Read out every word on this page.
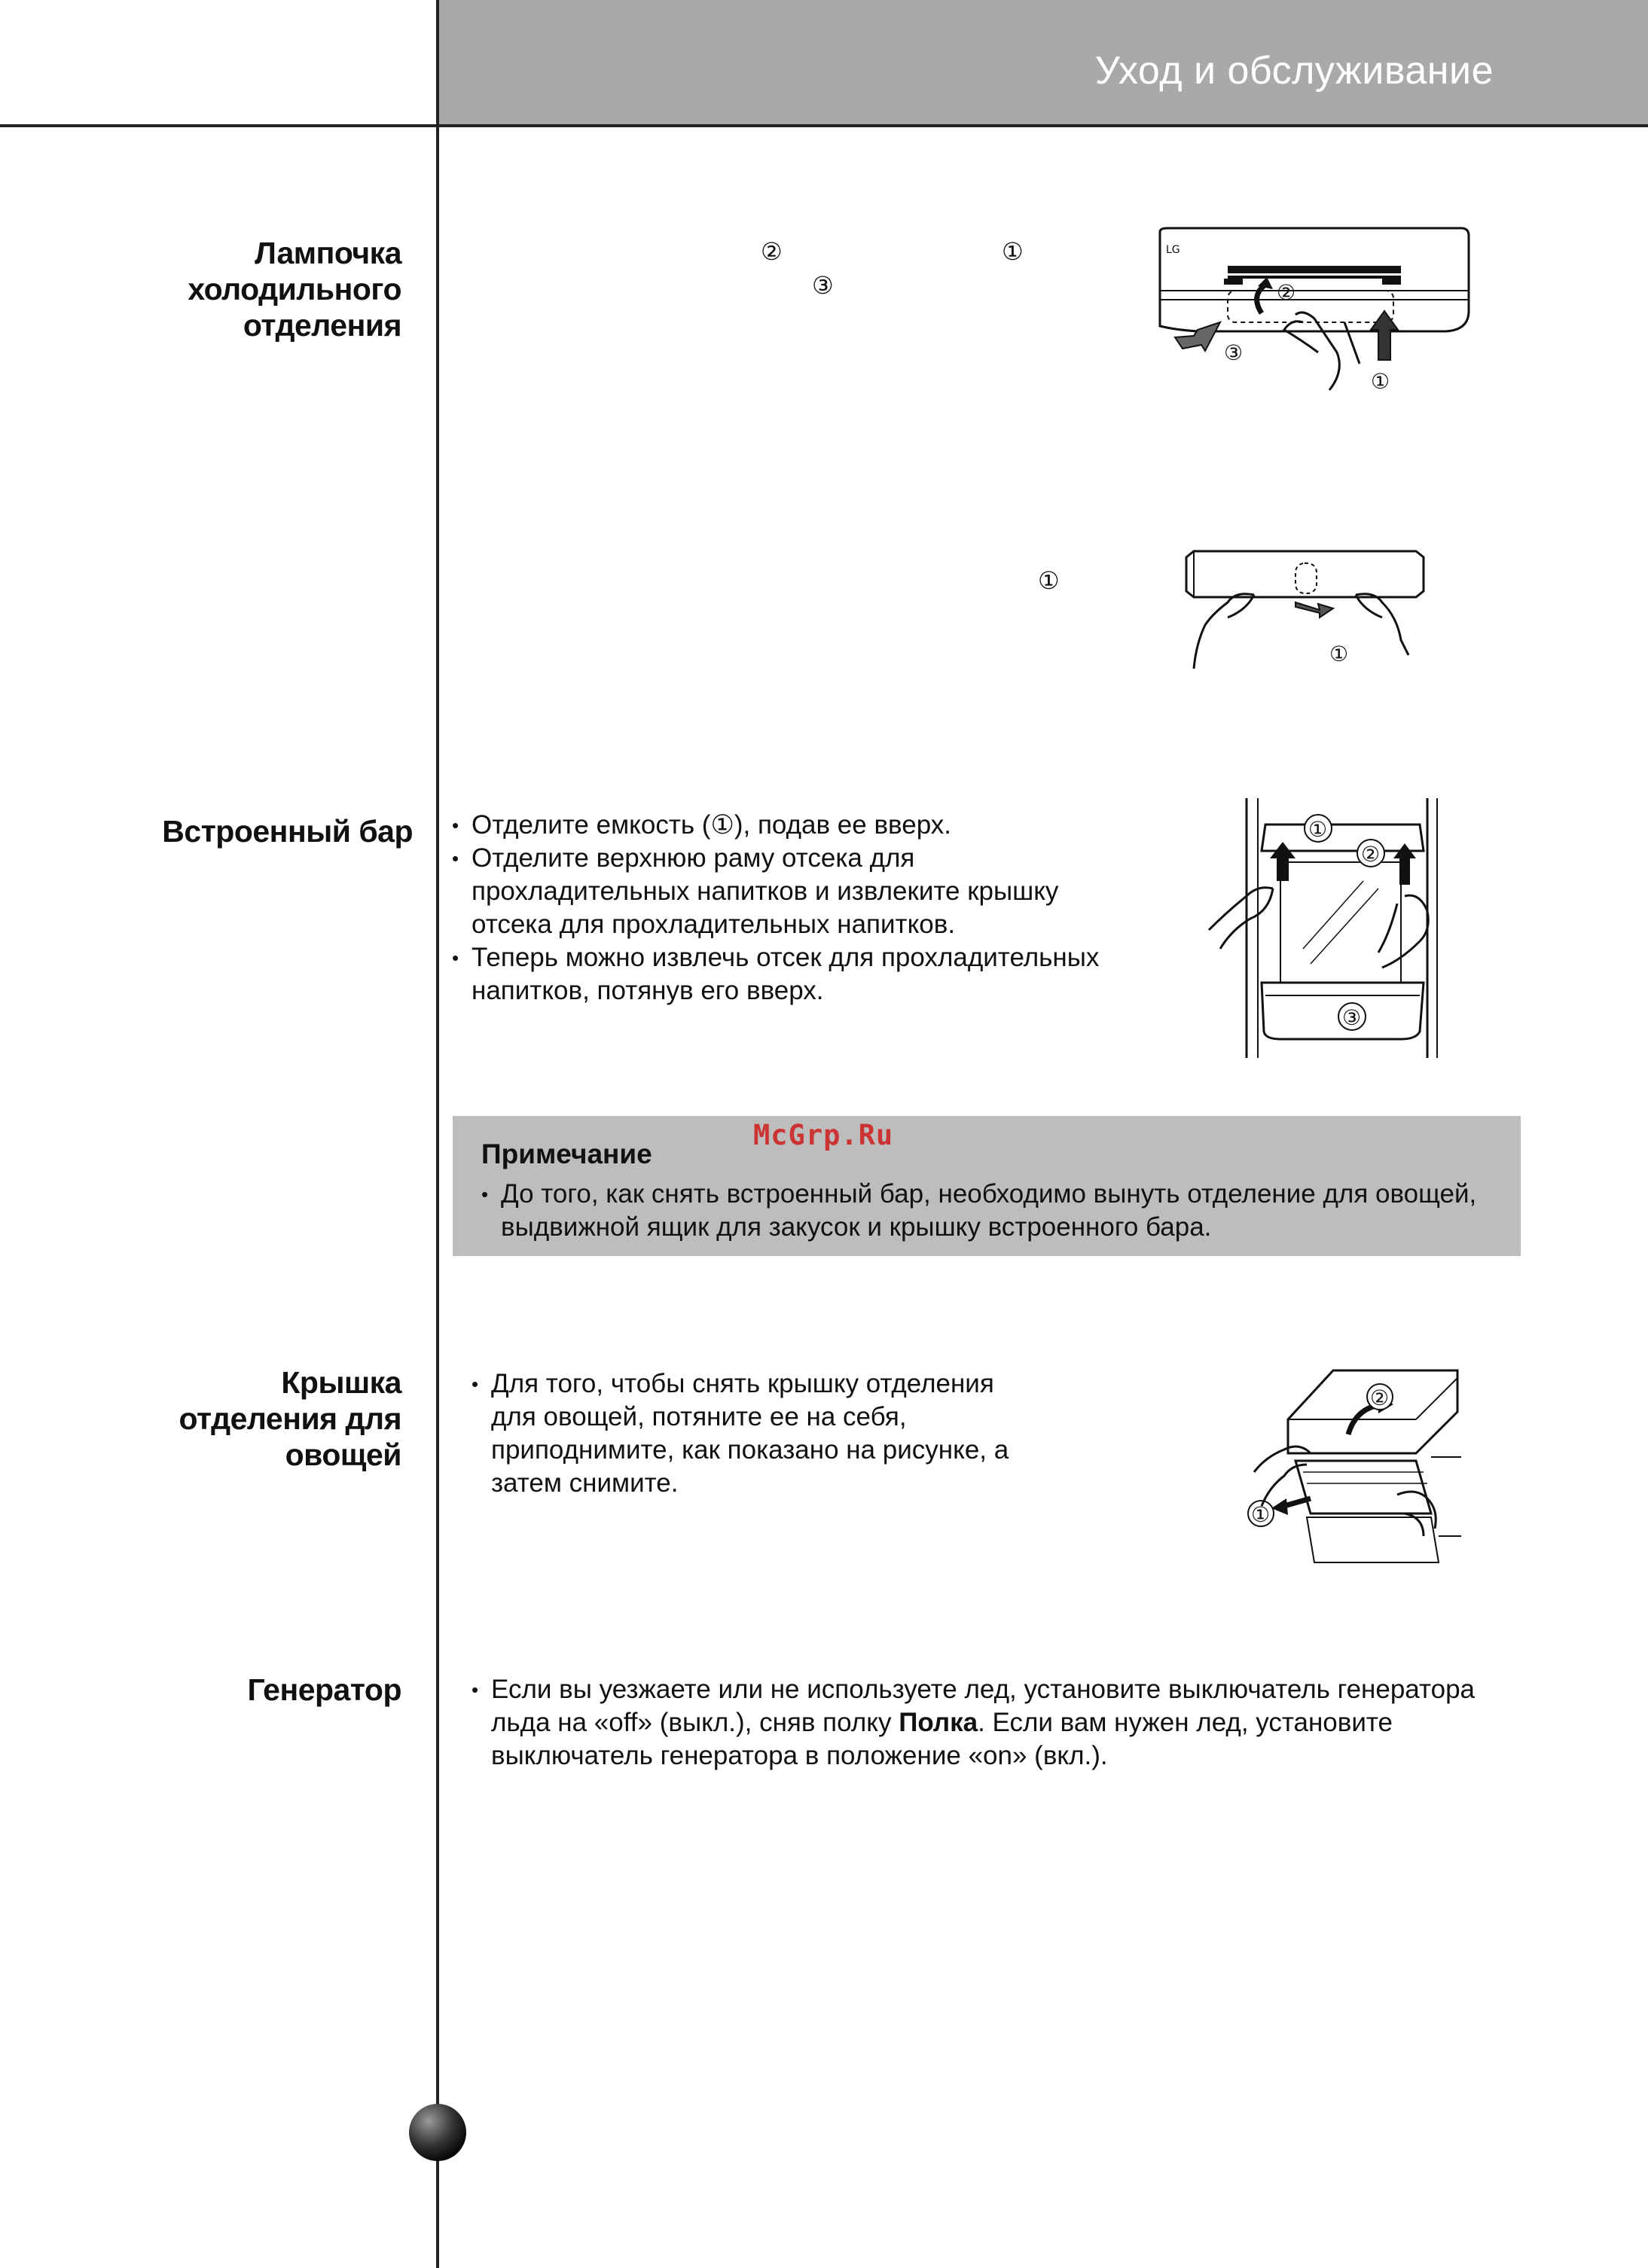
Уход и обслуживание
Лампочка
холодильного
отделения
②	①
③
①
LG
②
③
①
①
Встроенный бар	• Отделите емкость (①), подав ее вверх.
• Отделите верхнюю раму отсека для прохладительных напитков и извлеките крышку отсека для прохладительных напитков.
• Теперь можно извлечь отсек для прохладительных напитков, потянув его вверх.
①
②
③
Примечание
• До того, как снять встроенный бар, необходимо вынуть отделение для овощей, выдвижной ящик для закусок и крышку встроенного бара.
McGrp.Ru
Крышка
отделения для
овощей
• Для того, чтобы снять крышку отделения для овощей, потяните ее на себя, приподнимите, как показано на рисунке, а затем снимите.
②
①
Генератор	• Если вы уезжаете или не используете лед, установите выключатель генератора льда на «off» (выкл.), сняв полку Полка. Если вам нужен лед, установите выключатель генератора в положение «on» (вкл.).
